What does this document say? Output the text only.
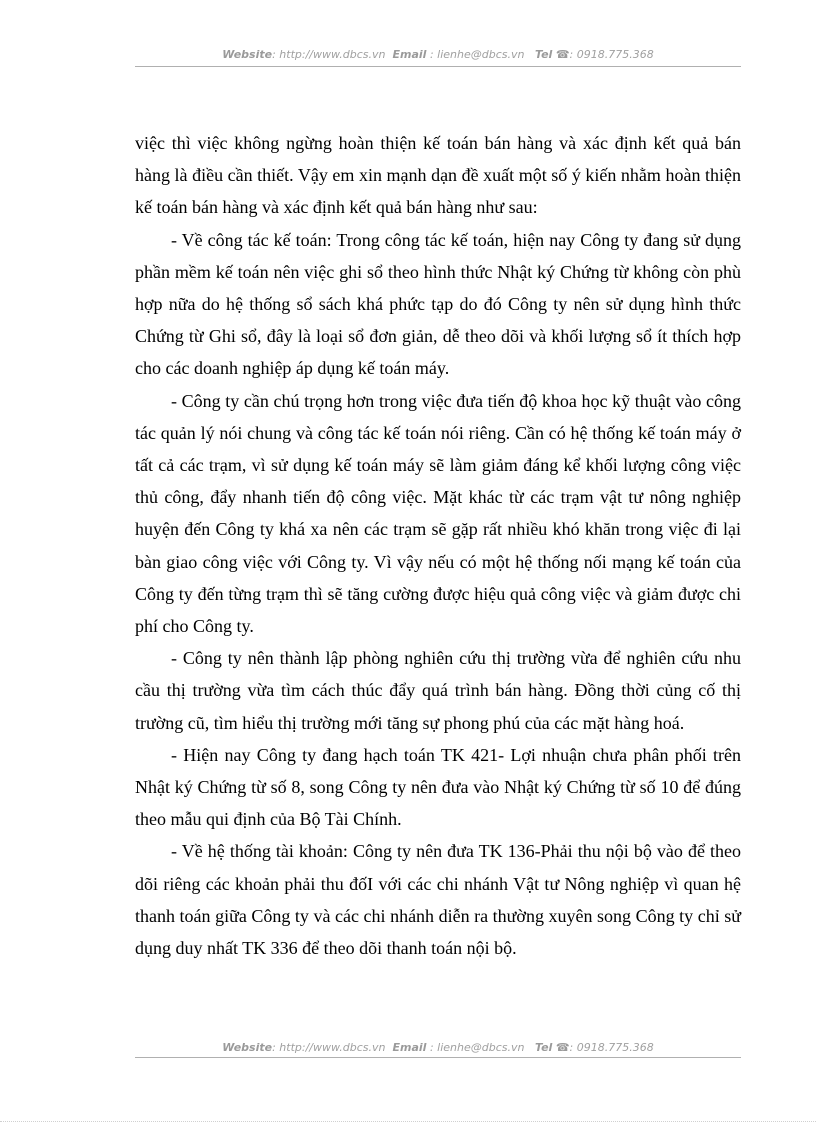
Website: http://www.dbcs.vn Email : lienhe@dbcs.vn Tel ☎: 0918.775.368

việc thì việc không ngừng hoàn thiện kế toán bán hàng và xác định kết quả bán hàng là điều cần thiết. Vậy em xin mạnh dạn đề xuất một số ý kiến nhằm hoàn thiện kế toán bán hàng và xác định kết quả bán hàng như sau:

- Về công tác kế toán: Trong công tác kế toán, hiện nay Công ty đang sử dụng phần mềm kế toán nên việc ghi sổ theo hình thức Nhật ký Chứng từ không còn phù hợp nữa do hệ thống sổ sách khá phức tạp do đó Công ty nên sử dụng hình thức Chứng từ Ghi sổ, đây là loại sổ đơn giản, dễ theo dõi và khối lượng sổ ít thích hợp cho các doanh nghiệp áp dụng kế toán máy.

- Công ty cần chú trọng hơn trong việc đưa tiến độ khoa học kỹ thuật vào công tác quản lý nói chung và công tác kế toán nói riêng. Cần có hệ thống kế toán máy ở tất cả các trạm, vì sử dụng kế toán máy sẽ làm giảm đáng kể khối lượng công việc thủ công, đẩy nhanh tiến độ công việc. Mặt khác từ các trạm vật tư nông nghiệp huyện đến Công ty khá xa nên các trạm sẽ gặp rất nhiều khó khăn trong việc đi lại bàn giao công việc với Công ty. Vì vậy nếu có một hệ thống nối mạng kế toán của Công ty đến từng trạm thì sẽ tăng cường được hiệu quả công việc và giảm được chi phí cho Công ty.

- Công ty nên thành lập phòng nghiên cứu thị trường vừa để nghiên cứu nhu cầu thị trường vừa tìm cách thúc đẩy quá trình bán hàng. Đồng thời củng cố thị trường cũ, tìm hiểu thị trường mới tăng sự phong phú của các mặt hàng hoá.

- Hiện nay Công ty đang hạch toán TK 421- Lợi nhuận chưa phân phối trên Nhật ký Chứng từ số 8, song Công ty nên đưa vào Nhật ký Chứng từ số 10 để đúng theo mẫu qui định của Bộ Tài Chính.

- Về hệ thống tài khoản: Công ty nên đưa TK 136-Phải thu nội bộ vào để theo dõi riêng các khoản phải thu đốI với các chi nhánh Vật tư Nông nghiệp vì quan hệ thanh toán giữa Công ty và các chi nhánh diễn ra thường xuyên song Công ty chỉ sử dụng duy nhất TK 336 để theo dõi thanh toán nội bộ.

Website: http://www.dbcs.vn Email : lienhe@dbcs.vn Tel ☎: 0918.775.368
